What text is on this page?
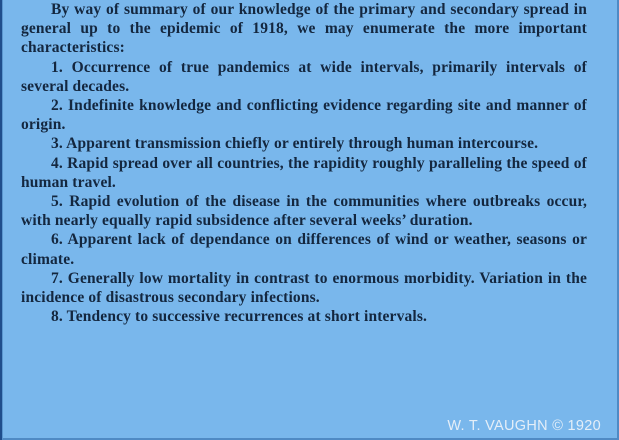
By way of summary of our knowledge of the primary and secondary spread in general up to the epidemic of 1918, we may enumerate the more important characteristics:

1. Occurrence of true pandemics at wide intervals, primarily intervals of several decades.

2. Indefinite knowledge and conflicting evidence regarding site and manner of origin.

3. Apparent transmission chiefly or entirely through human intercourse.

4. Rapid spread over all countries, the rapidity roughly paralleling the speed of human travel.

5. Rapid evolution of the disease in the communities where outbreaks occur, with nearly equally rapid subsidence after several weeks’ duration.

6. Apparent lack of dependance on differences of wind or weather, seasons or climate.

7. Generally low mortality in contrast to enormous morbidity. Variation in the incidence of disastrous secondary infections.

8. Tendency to successive recurrences at short intervals.

W. T. VAUGHN © 1920
